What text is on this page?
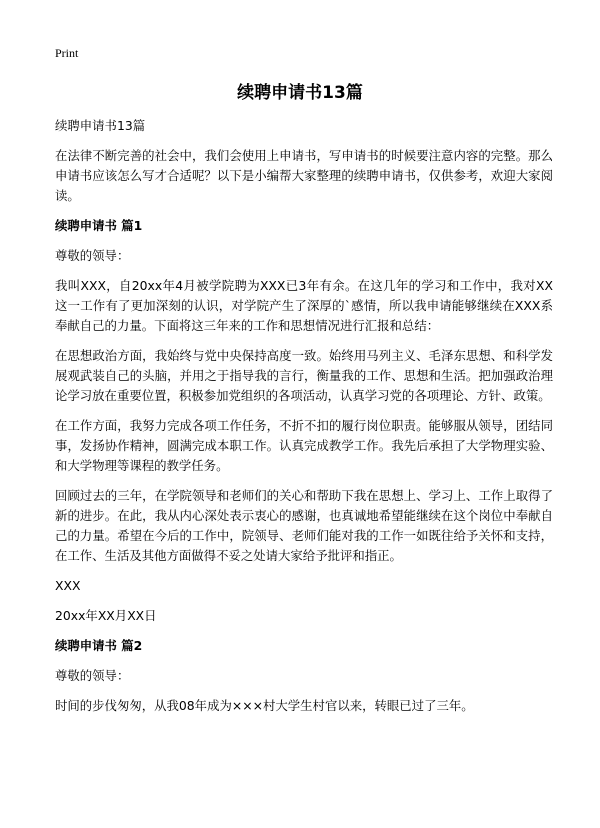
Print
续聘申请书13篇

续聘申请书13篇

在法律不断完善的社会中，我们会使用上申请书，写申请书的时候要注意内容的完整。那么申请书应该怎么写才合适呢？以下是小编帮大家整理的续聘申请书，仅供参考，欢迎大家阅读。

续聘申请书 篇1

尊敬的领导：

我叫XXX，自20xx年4月被学院聘为XXX已3年有余。在这几年的学习和工作中，我对XX这一工作有了更加深刻的认识，对学院产生了深厚的`感情，所以我申请能够继续在XXX系奉献自己的力量。下面将这三年来的工作和思想情况进行汇报和总结：

在思想政治方面，我始终与党中央保持高度一致。始终用马列主义、毛泽东思想、和科学发展观武装自己的头脑，并用之于指导我的言行，衡量我的工作、思想和生活。把加强政治理论学习放在重要位置，积极参加党组织的各项活动，认真学习党的各项理论、方针、政策。

在工作方面，我努力完成各项工作任务，不折不扣的履行岗位职责。能够服从领导，团结同事，发扬协作精神，圆满完成本职工作。认真完成教学工作。我先后承担了大学物理实验、和大学物理等课程的教学任务。

回顾过去的三年，在学院领导和老师们的关心和帮助下我在思想上、学习上、工作上取得了新的进步。在此，我从内心深处表示衷心的感谢，也真诚地希望能继续在这个岗位中奉献自己的力量。希望在今后的工作中，院领导、老师们能对我的工作一如既往给予关怀和支持，在工作、生活及其他方面做得不妥之处请大家给予批评和指正。

XXX

20xx年XX月XX日

续聘申请书 篇2

尊敬的领导：

时间的步伐匆匆，从我08年成为×××村大学生村官以来，转眼已过了三年。
